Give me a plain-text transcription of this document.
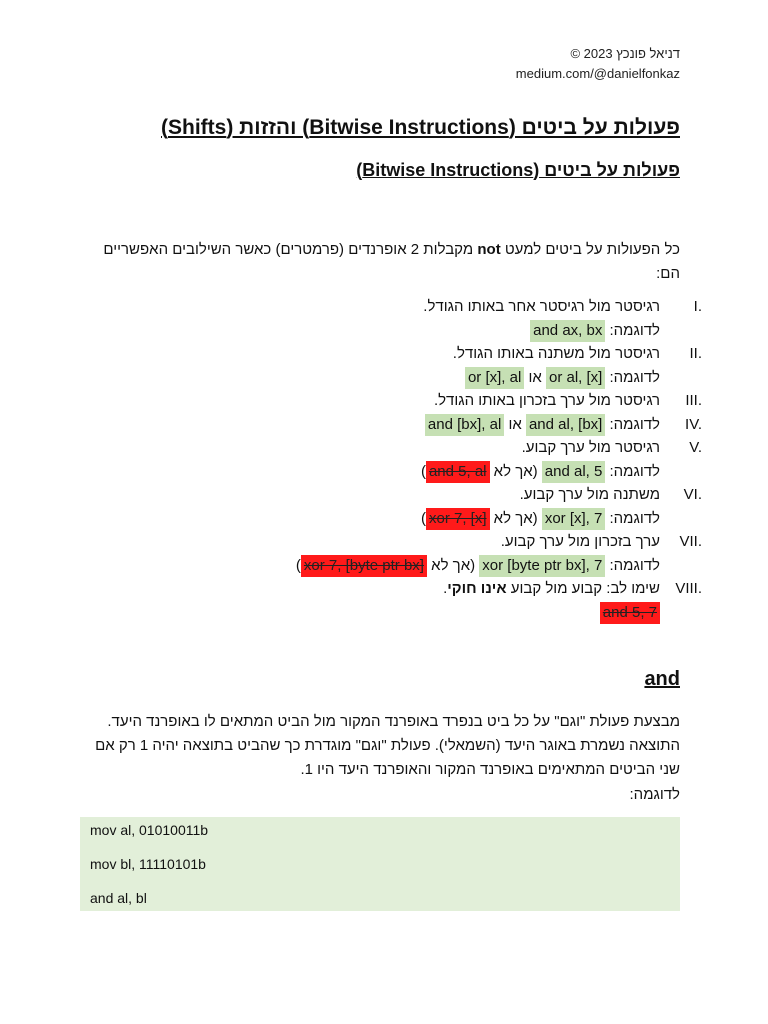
© דניאל פונכץ 2023
medium.com/@danielfonkaz
פעולות על ביטים (Bitwise Instructions) והזזות (Shifts)
פעולות על ביטים (Bitwise Instructions)
כל הפעולות על ביטים למעט not מקבלות 2 אופרנדים (פרמטרים) כאשר השילובים האפשריים הם:
I.
רגיסטר מול רגיסטר אחר באותו הגודל.
לדוגמה: and ax, bx
II.
רגיסטר מול משתנה באותו הגודל.
לדוגמה: or al, [x] או or [x], al
III.
רגיסטר מול ערך בזכרון באותו הגודל.
IV.
לדוגמה: and al, [bx] או and [bx], al
V.
רגיסטר מול ערך קבוע.
לדוגמה: and al, 5 (אך לא and 5, al)
VI.
משתנה מול ערך קבוע.
לדוגמה: xor [x], 7 (אך לא xor 7, [x])
VII.
ערך בזכרון מול ערך קבוע.
לדוגמה: xor [byte ptr bx], 7 (אך לא xor 7, [byte ptr bx])
VIII.
שימו לב: קבוע מול קבוע אינו חוקי.
and 5, 7
and
מבצעת פעולת "וגם" על כל ביט בנפרד באופרנד המקור מול הביט המתאים לו באופרנד היעד. התוצאה נשמרת באוגר היעד (השמאלי). פעולת "וגם" מוגדרת כך שהביט בתוצאה יהיה 1 רק אם שני הביטים המתאימים באופרנד המקור והאופרנד היעד היו 1.
לדוגמה:
mov al, 01010011b
mov bl, 11110101b
and al, bl
